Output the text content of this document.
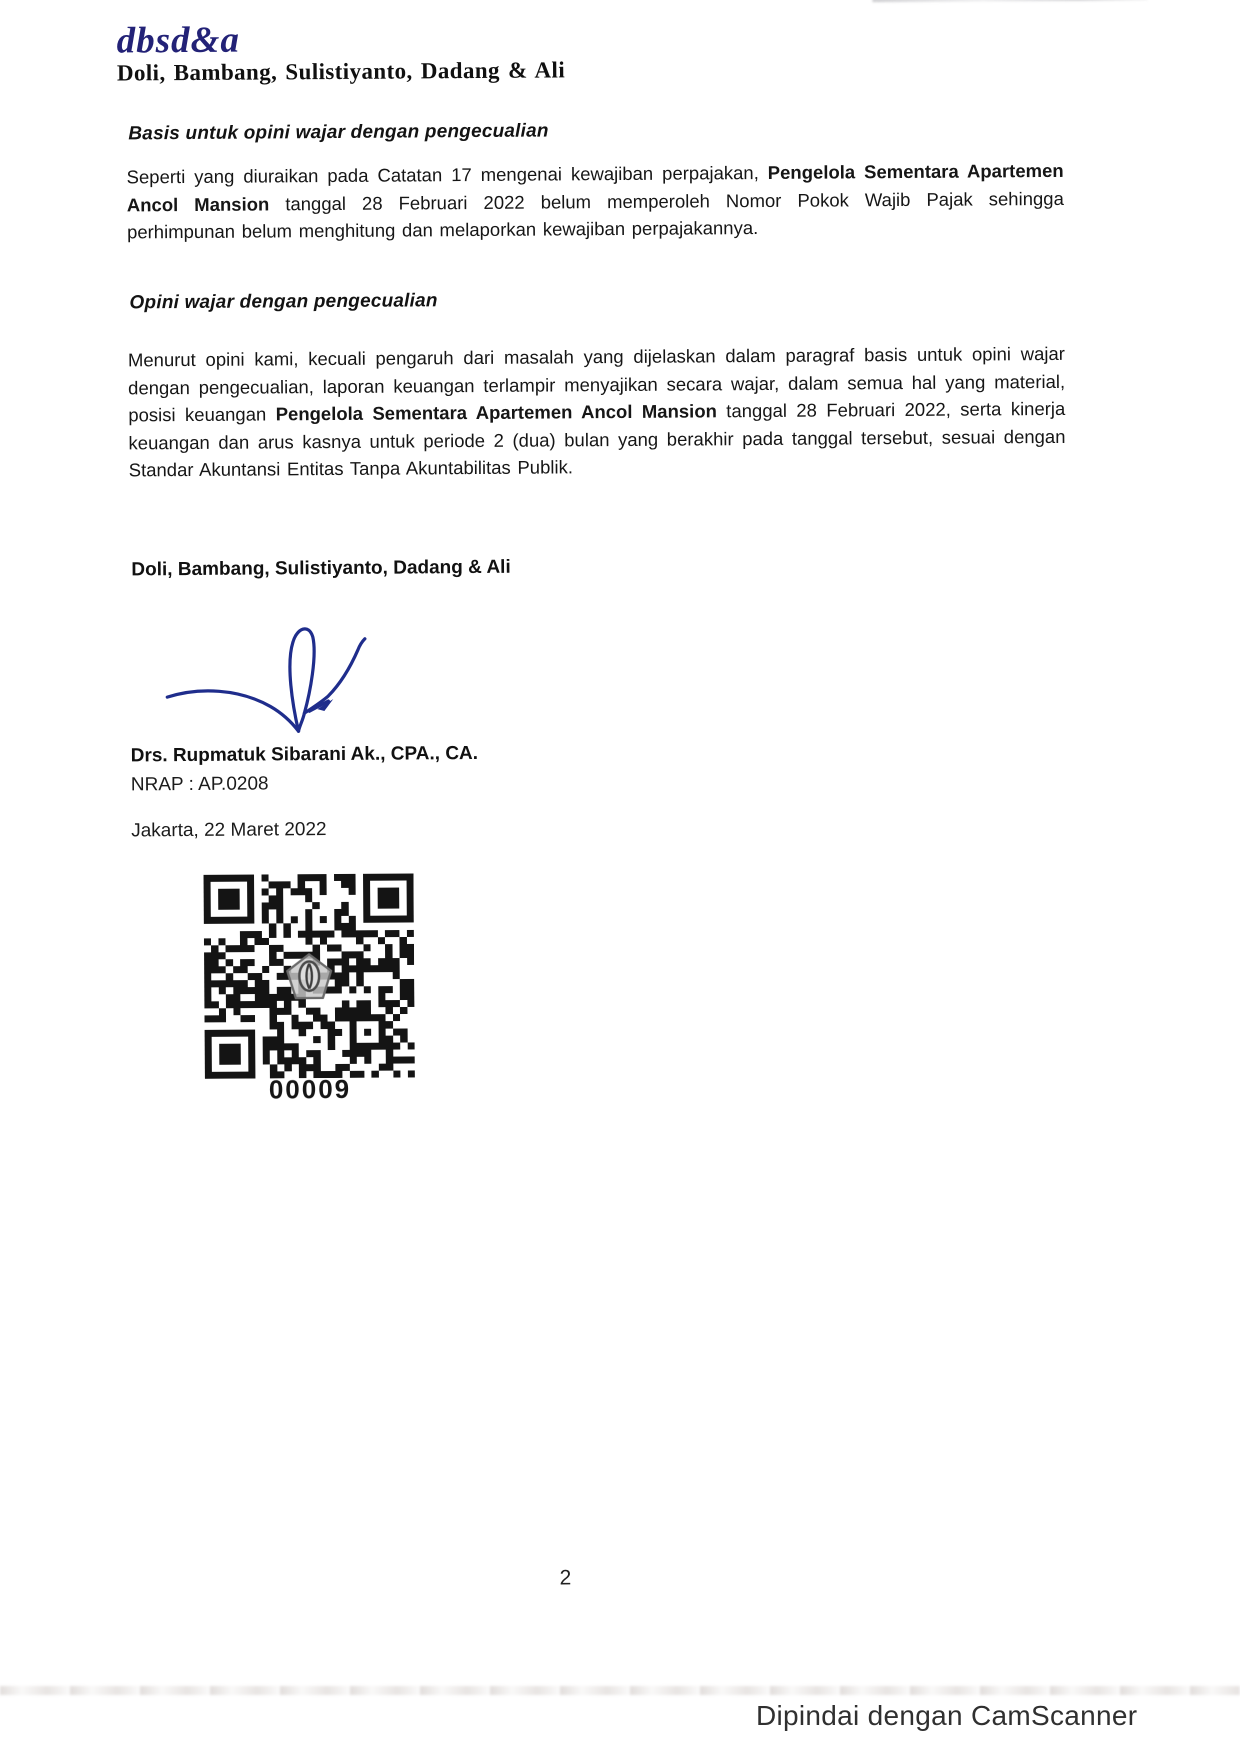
dbsd&a
Doli, Bambang, Sulistiyanto, Dadang & Ali
Basis untuk opini wajar dengan pengecualian

Seperti yang diuraikan pada Catatan 17 mengenai kewajiban perpajakan, Pengelola Sementara Apartemen Ancol Mansion tanggal 28 Februari 2022 belum memperoleh Nomor Pokok Wajib Pajak sehingga perhimpunan belum menghitung dan melaporkan kewajiban perpajakannya.

Opini wajar dengan pengecualian

Menurut opini kami, kecuali pengaruh dari masalah yang dijelaskan dalam paragraf basis untuk opini wajar dengan pengecualian, laporan keuangan terlampir menyajikan secara wajar, dalam semua hal yang material, posisi keuangan Pengelola Sementara Apartemen Ancol Mansion tanggal 28 Februari 2022, serta kinerja keuangan dan arus kasnya untuk periode 2 (dua) bulan yang berakhir pada tanggal tersebut, sesuai dengan Standar Akuntansi Entitas Tanpa Akuntabilitas Publik.

Doli, Bambang, Sulistiyanto, Dadang & Ali
Drs. Rupmatuk Sibarani Ak., CPA., CA.
NRAP : AP.0208
Jakarta, 22 Maret 2022
00009
2
Dipindai dengan CamScanner
